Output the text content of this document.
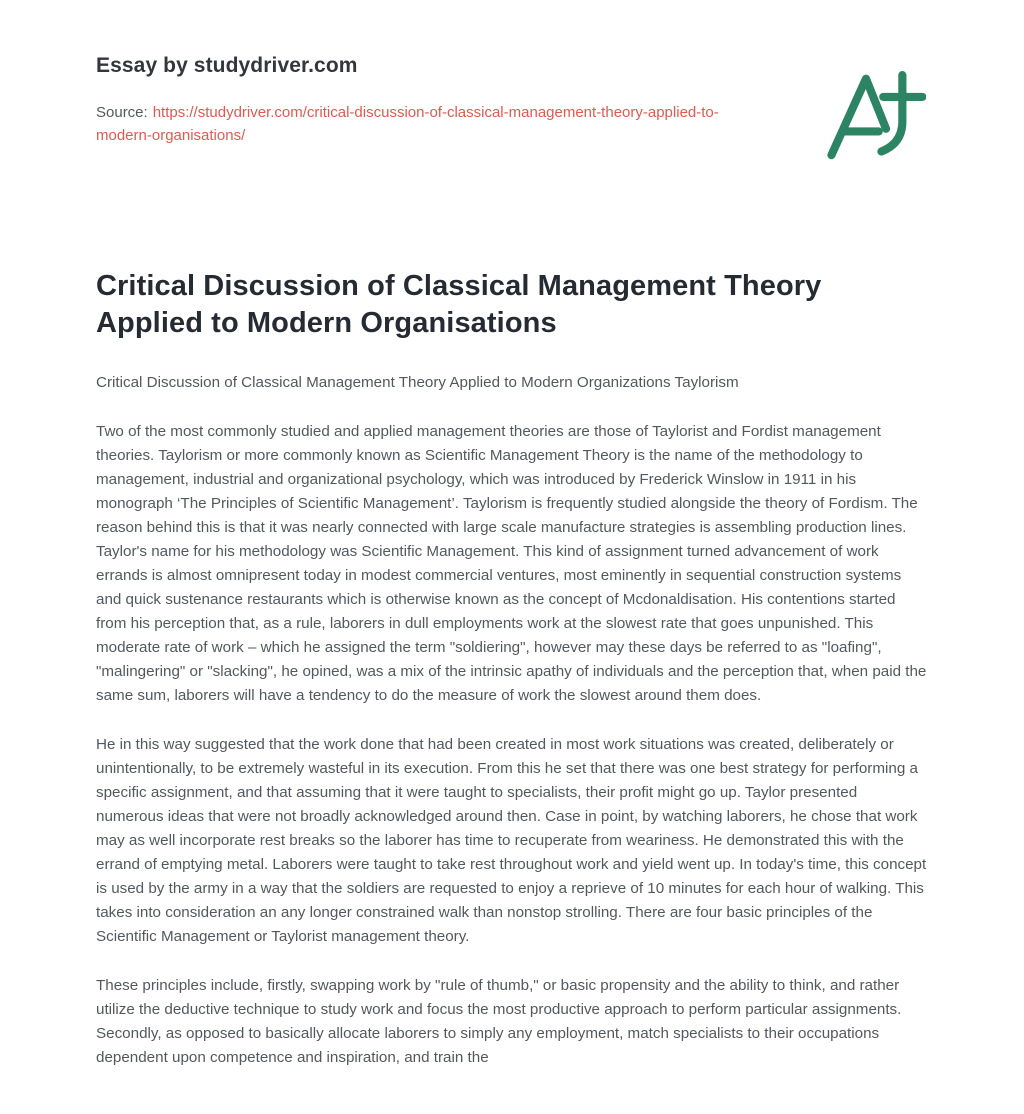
Essay by studydriver.com

Source: https://studydriver.com/critical-discussion-of-classical-management-theory-applied-to-modern-organisations/

Critical Discussion of Classical Management Theory Applied to Modern Organisations

Critical Discussion of Classical Management Theory Applied to Modern Organizations Taylorism

Two of the most commonly studied and applied management theories are those of Taylorist and Fordist management theories. Taylorism or more commonly known as Scientific Management Theory is the name of the methodology to management, industrial and organizational psychology, which was introduced by Frederick Winslow in 1911 in his monograph ‘The Principles of Scientific Management’. Taylorism is frequently studied alongside the theory of Fordism. The reason behind this is that it was nearly connected with large scale manufacture strategies is assembling production lines. Taylor's name for his methodology was Scientific Management. This kind of assignment turned advancement of work errands is almost omnipresent today in modest commercial ventures, most eminently in sequential construction systems and quick sustenance restaurants which is otherwise known as the concept of Mcdonaldisation. His contentions started from his perception that, as a rule, laborers in dull employments work at the slowest rate that goes unpunished. This moderate rate of work – which he assigned the term "soldiering", however may these days be referred to as "loafing", "malingering" or "slacking", he opined, was a mix of the intrinsic apathy of individuals and the perception that, when paid the same sum, laborers will have a tendency to do the measure of work the slowest around them does.

He in this way suggested that the work done that had been created in most work situations was created, deliberately or unintentionally, to be extremely wasteful in its execution. From this he set that there was one best strategy for performing a specific assignment, and that assuming that it were taught to specialists, their profit might go up. Taylor presented numerous ideas that were not broadly acknowledged around then. Case in point, by watching laborers, he chose that work may as well incorporate rest breaks so the laborer has time to recuperate from weariness. He demonstrated this with the errand of emptying metal. Laborers were taught to take rest throughout work and yield went up. In today's time, this concept is used by the army in a way that the soldiers are requested to enjoy a reprieve of 10 minutes for each hour of walking. This takes into consideration an any longer constrained walk than nonstop strolling. There are four basic principles of the Scientific Management or Taylorist management theory.

These principles include, firstly, swapping work by "rule of thumb," or basic propensity and the ability to think, and rather utilize the deductive technique to study work and focus the most productive approach to perform particular assignments. Secondly, as opposed to basically allocate laborers to simply any employment, match specialists to their occupations dependent upon competence and inspiration, and train the
